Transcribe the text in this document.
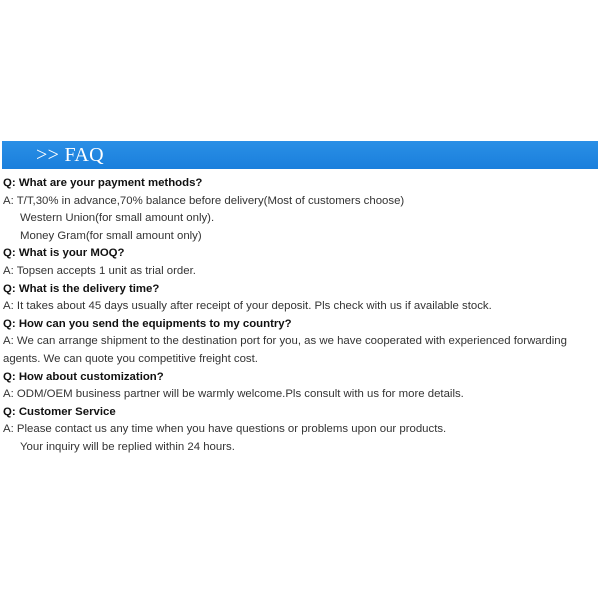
>> FAQ

Q: What are your payment methods?

A: T/T,30% in advance,70% balance before delivery(Most of customers choose)

Western Union(for small amount only).

Money Gram(for small amount only)

Q: What is your MOQ?

A: Topsen accepts 1 unit as trial order.

Q: What is the delivery time?

A: It takes about 45 days usually after receipt of your deposit. Pls check with us if available stock.

Q: How can you send the equipments to my country?

A: We can arrange shipment to the destination port for you, as we have cooperated with experienced forwarding

agents. We can quote you competitive freight cost.

Q: How about customization?

A: ODM/OEM business partner will be warmly welcome.Pls consult with us for more details.

Q: Customer Service

A: Please contact us any time when you have questions or problems upon our products.

Your inquiry will be replied within 24 hours.
